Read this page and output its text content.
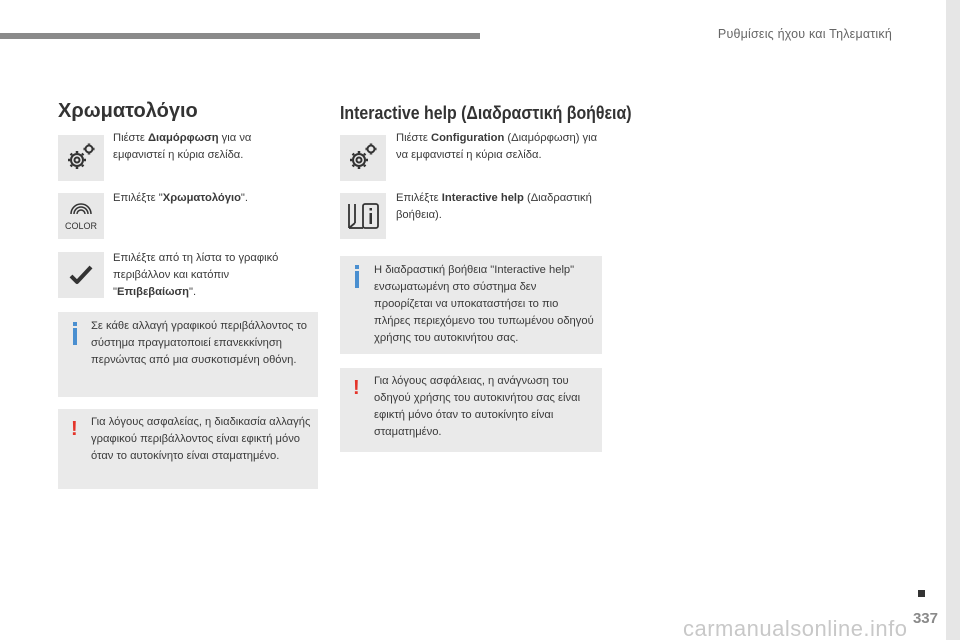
Ρυθμίσεις ήχου και Τηλεματική
337
carmanualsonline.info
Χρωματολόγιο
Πιέστε Διαμόρφωση για να εμφανιστεί η κύρια σελίδα.
COLOR
Επιλέξτε "Χρωματολόγιο".
Επιλέξτε από τη λίστα το γραφικό περιβάλλον και κατόπιν "Επιβεβαίωση".
Σε κάθε αλλαγή γραφικού περιβάλλοντος το σύστημα πραγματοποιεί επανεκκίνηση περνώντας από μια συσκοτισμένη οθόνη.
! Για λόγους ασφαλείας, η διαδικασία αλλαγής γραφικού περιβάλλοντος είναι εφικτή μόνο όταν το αυτοκίνητο είναι σταματημένο.
Interactive help (Διαδραστική βοήθεια)
Πιέστε Configuration (Διαμόρφωση) για να εμφανιστεί η κύρια σελίδα.
Επιλέξτε Interactive help (Διαδραστική βοήθεια).
Η διαδραστική βοήθεια "Interactive help" ενσωματωμένη στο σύστημα δεν προορίζεται να υποκαταστήσει το πιο πλήρες περιεχόμενο του τυπωμένου οδηγού χρήσης του αυτοκινήτου σας.
! Για λόγους ασφάλειας, η ανάγνωση του οδηγού χρήσης του αυτοκινήτου σας είναι εφικτή μόνο όταν το αυτοκίνητο είναι σταματημένο.
